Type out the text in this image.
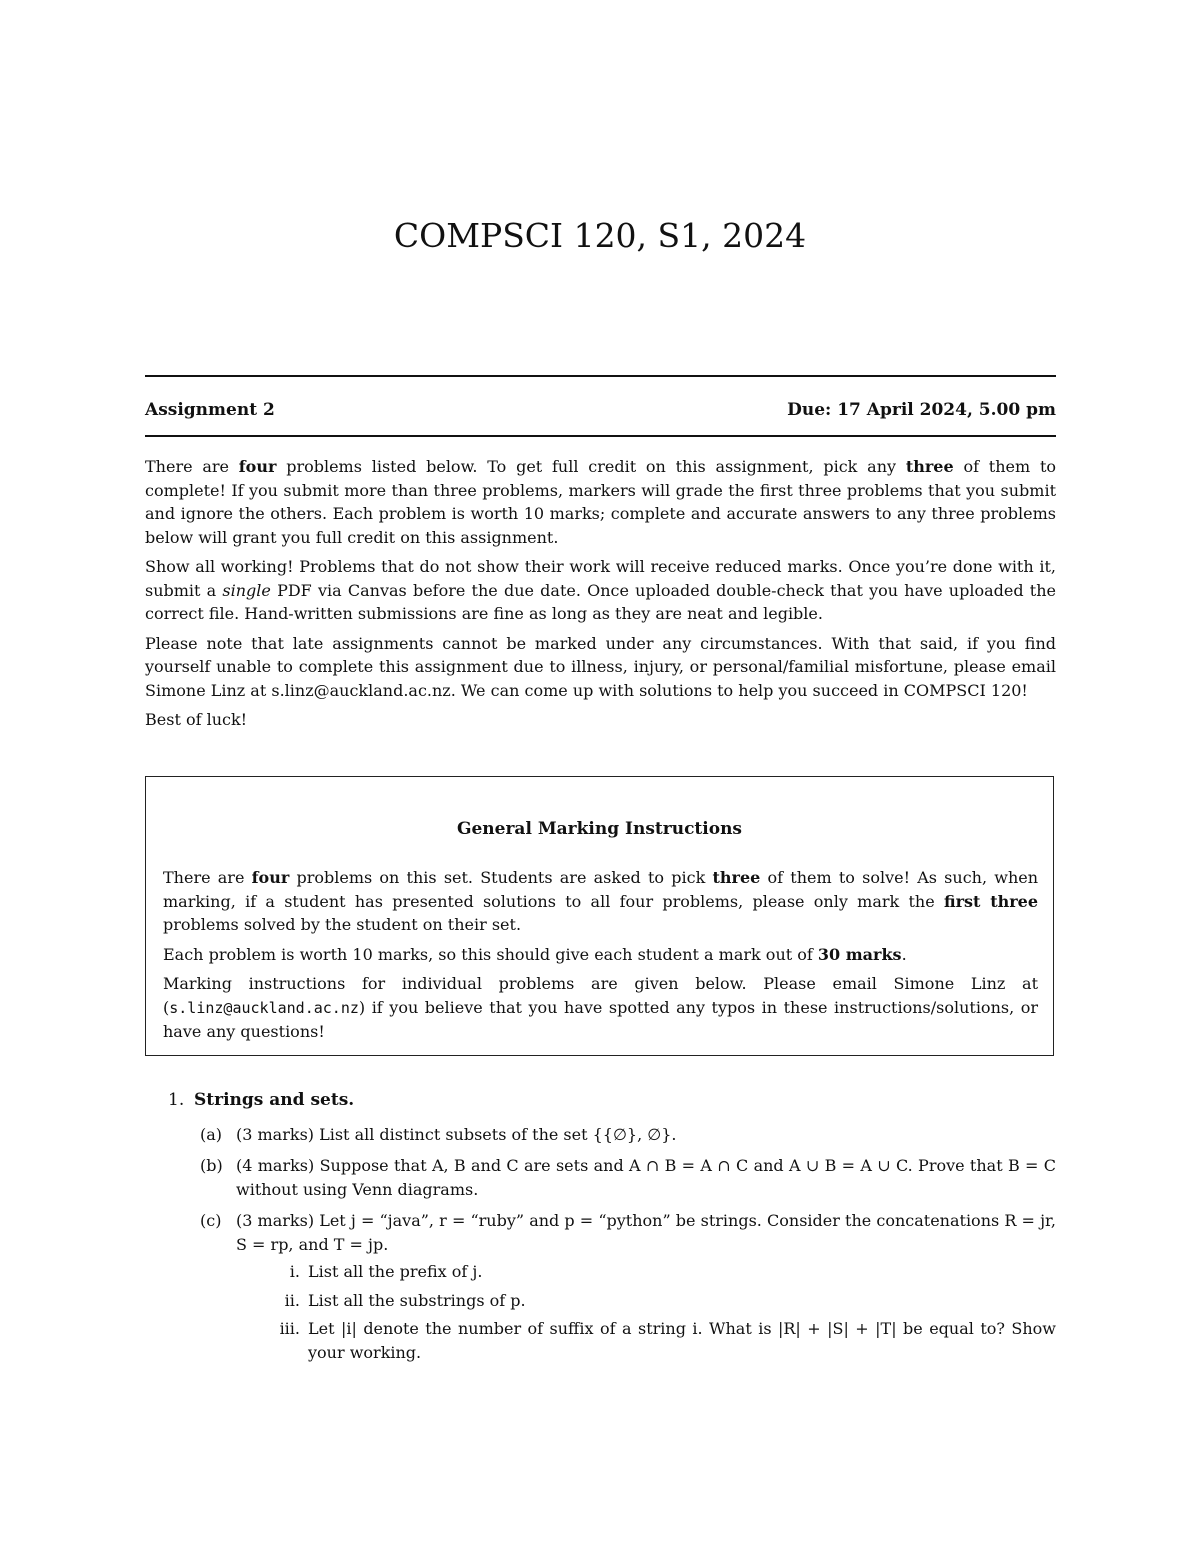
COMPSCI 120, S1, 2024
Assignment 2	Due: 17 April 2024, 5.00 pm

There are four problems listed below. To get full credit on this assignment, pick any three of them to complete! If you submit more than three problems, markers will grade the first three problems that you submit and ignore the others. Each problem is worth 10 marks; complete and accurate answers to any three problems below will grant you full credit on this assignment.

Show all working! Problems that do not show their work will receive reduced marks. Once you’re done with it, submit a single PDF via Canvas before the due date. Once uploaded double-check that you have uploaded the correct file. Hand-written submissions are fine as long as they are neat and legible.

Please note that late assignments cannot be marked under any circumstances. With that said, if you find yourself unable to complete this assignment due to illness, injury, or personal/familial misfortune, please email Simone Linz at s.linz@auckland.ac.nz. We can come up with solutions to help you succeed in COMPSCI 120!

Best of luck!

General Marking Instructions

There are four problems on this set. Students are asked to pick three of them to solve! As such, when marking, if a student has presented solutions to all four problems, please only mark the first three problems solved by the student on their set.

Each problem is worth 10 marks, so this should give each student a mark out of 30 marks.

Marking instructions for individual problems are given below. Please email Simone Linz at (s.linz@auckland.ac.nz) if you believe that you have spotted any typos in these instructions/solutions, or have any questions!

1. Strings and sets.
(a) (3 marks) List all distinct subsets of the set {{∅}, ∅}.
(b) (4 marks) Suppose that A, B and C are sets and A ∩ B = A ∩ C and A ∪ B = A ∪ C. Prove that B = C without using Venn diagrams.
(c) (3 marks) Let j = “java”, r = “ruby” and p = “python” be strings. Consider the concatenations R = jr, S = rp, and T = jp.
i. List all the prefix of j.
ii. List all the substrings of p.
iii. Let |i| denote the number of suffix of a string i. What is |R| + |S| + |T| be equal to? Show your working.
